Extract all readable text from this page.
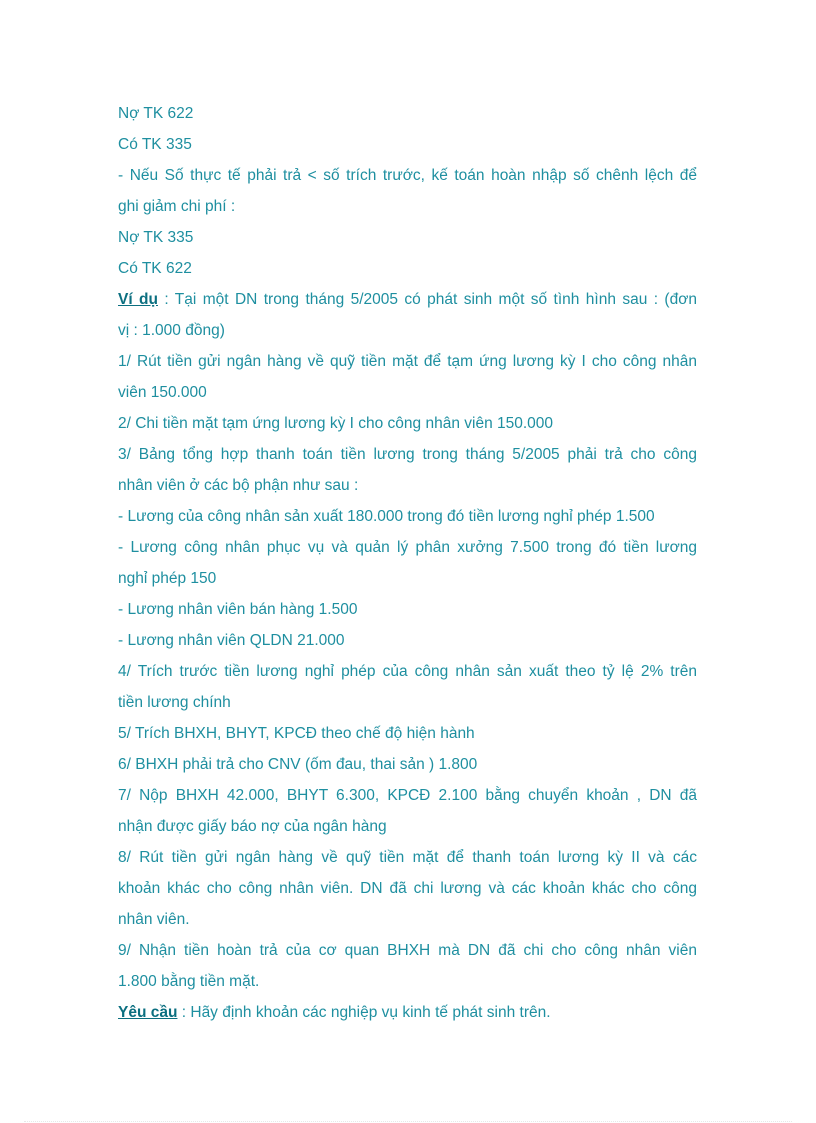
Nợ TK 622
Có TK 335
- Nếu Số thực tế phải trả < số trích trước, kế toán hoàn nhập số chênh lệch để
ghi giảm chi phí :
Nợ TK 335
Có TK 622
Ví dụ : Tại một DN trong tháng 5/2005 có phát sinh một số tình hình sau : (đơn
vị : 1.000 đồng)
1/ Rút tiền gửi ngân hàng về quỹ tiền mặt để tạm ứng lương kỳ I cho công nhân
viên 150.000
2/ Chi tiền mặt tạm ứng lương kỳ I cho công nhân viên 150.000
3/ Bảng tổng hợp thanh toán tiền lương trong tháng 5/2005 phải trả cho công
nhân viên ở các bộ phận như sau :
- Lương của công nhân sản xuất 180.000 trong đó tiền lương nghỉ phép 1.500
- Lương công nhân phục vụ và quản lý phân xưởng 7.500 trong đó tiền lương
nghỉ phép 150
- Lương nhân viên bán hàng 1.500
- Lương nhân viên QLDN 21.000
4/ Trích trước tiền lương nghỉ phép của công nhân sản xuất theo tỷ lệ 2% trên
tiền lương chính
5/ Trích BHXH, BHYT, KPCĐ theo chế độ hiện hành
6/ BHXH phải trả cho CNV (ốm đau, thai sản ) 1.800
7/ Nộp BHXH 42.000, BHYT 6.300, KPCĐ 2.100 bằng chuyển khoản , DN đã
nhận được giấy báo nợ của ngân hàng
8/ Rút tiền gửi ngân hàng về quỹ tiền mặt để thanh toán lương kỳ II và các
khoản khác cho công nhân viên. DN đã chi lương và các khoản khác cho công
nhân viên.
9/ Nhận tiền hoàn trả của cơ quan BHXH mà DN đã chi cho công nhân viên
1.800 bằng tiền mặt.
Yêu cầu : Hãy định khoản các nghiệp vụ kinh tế phát sinh trên.
